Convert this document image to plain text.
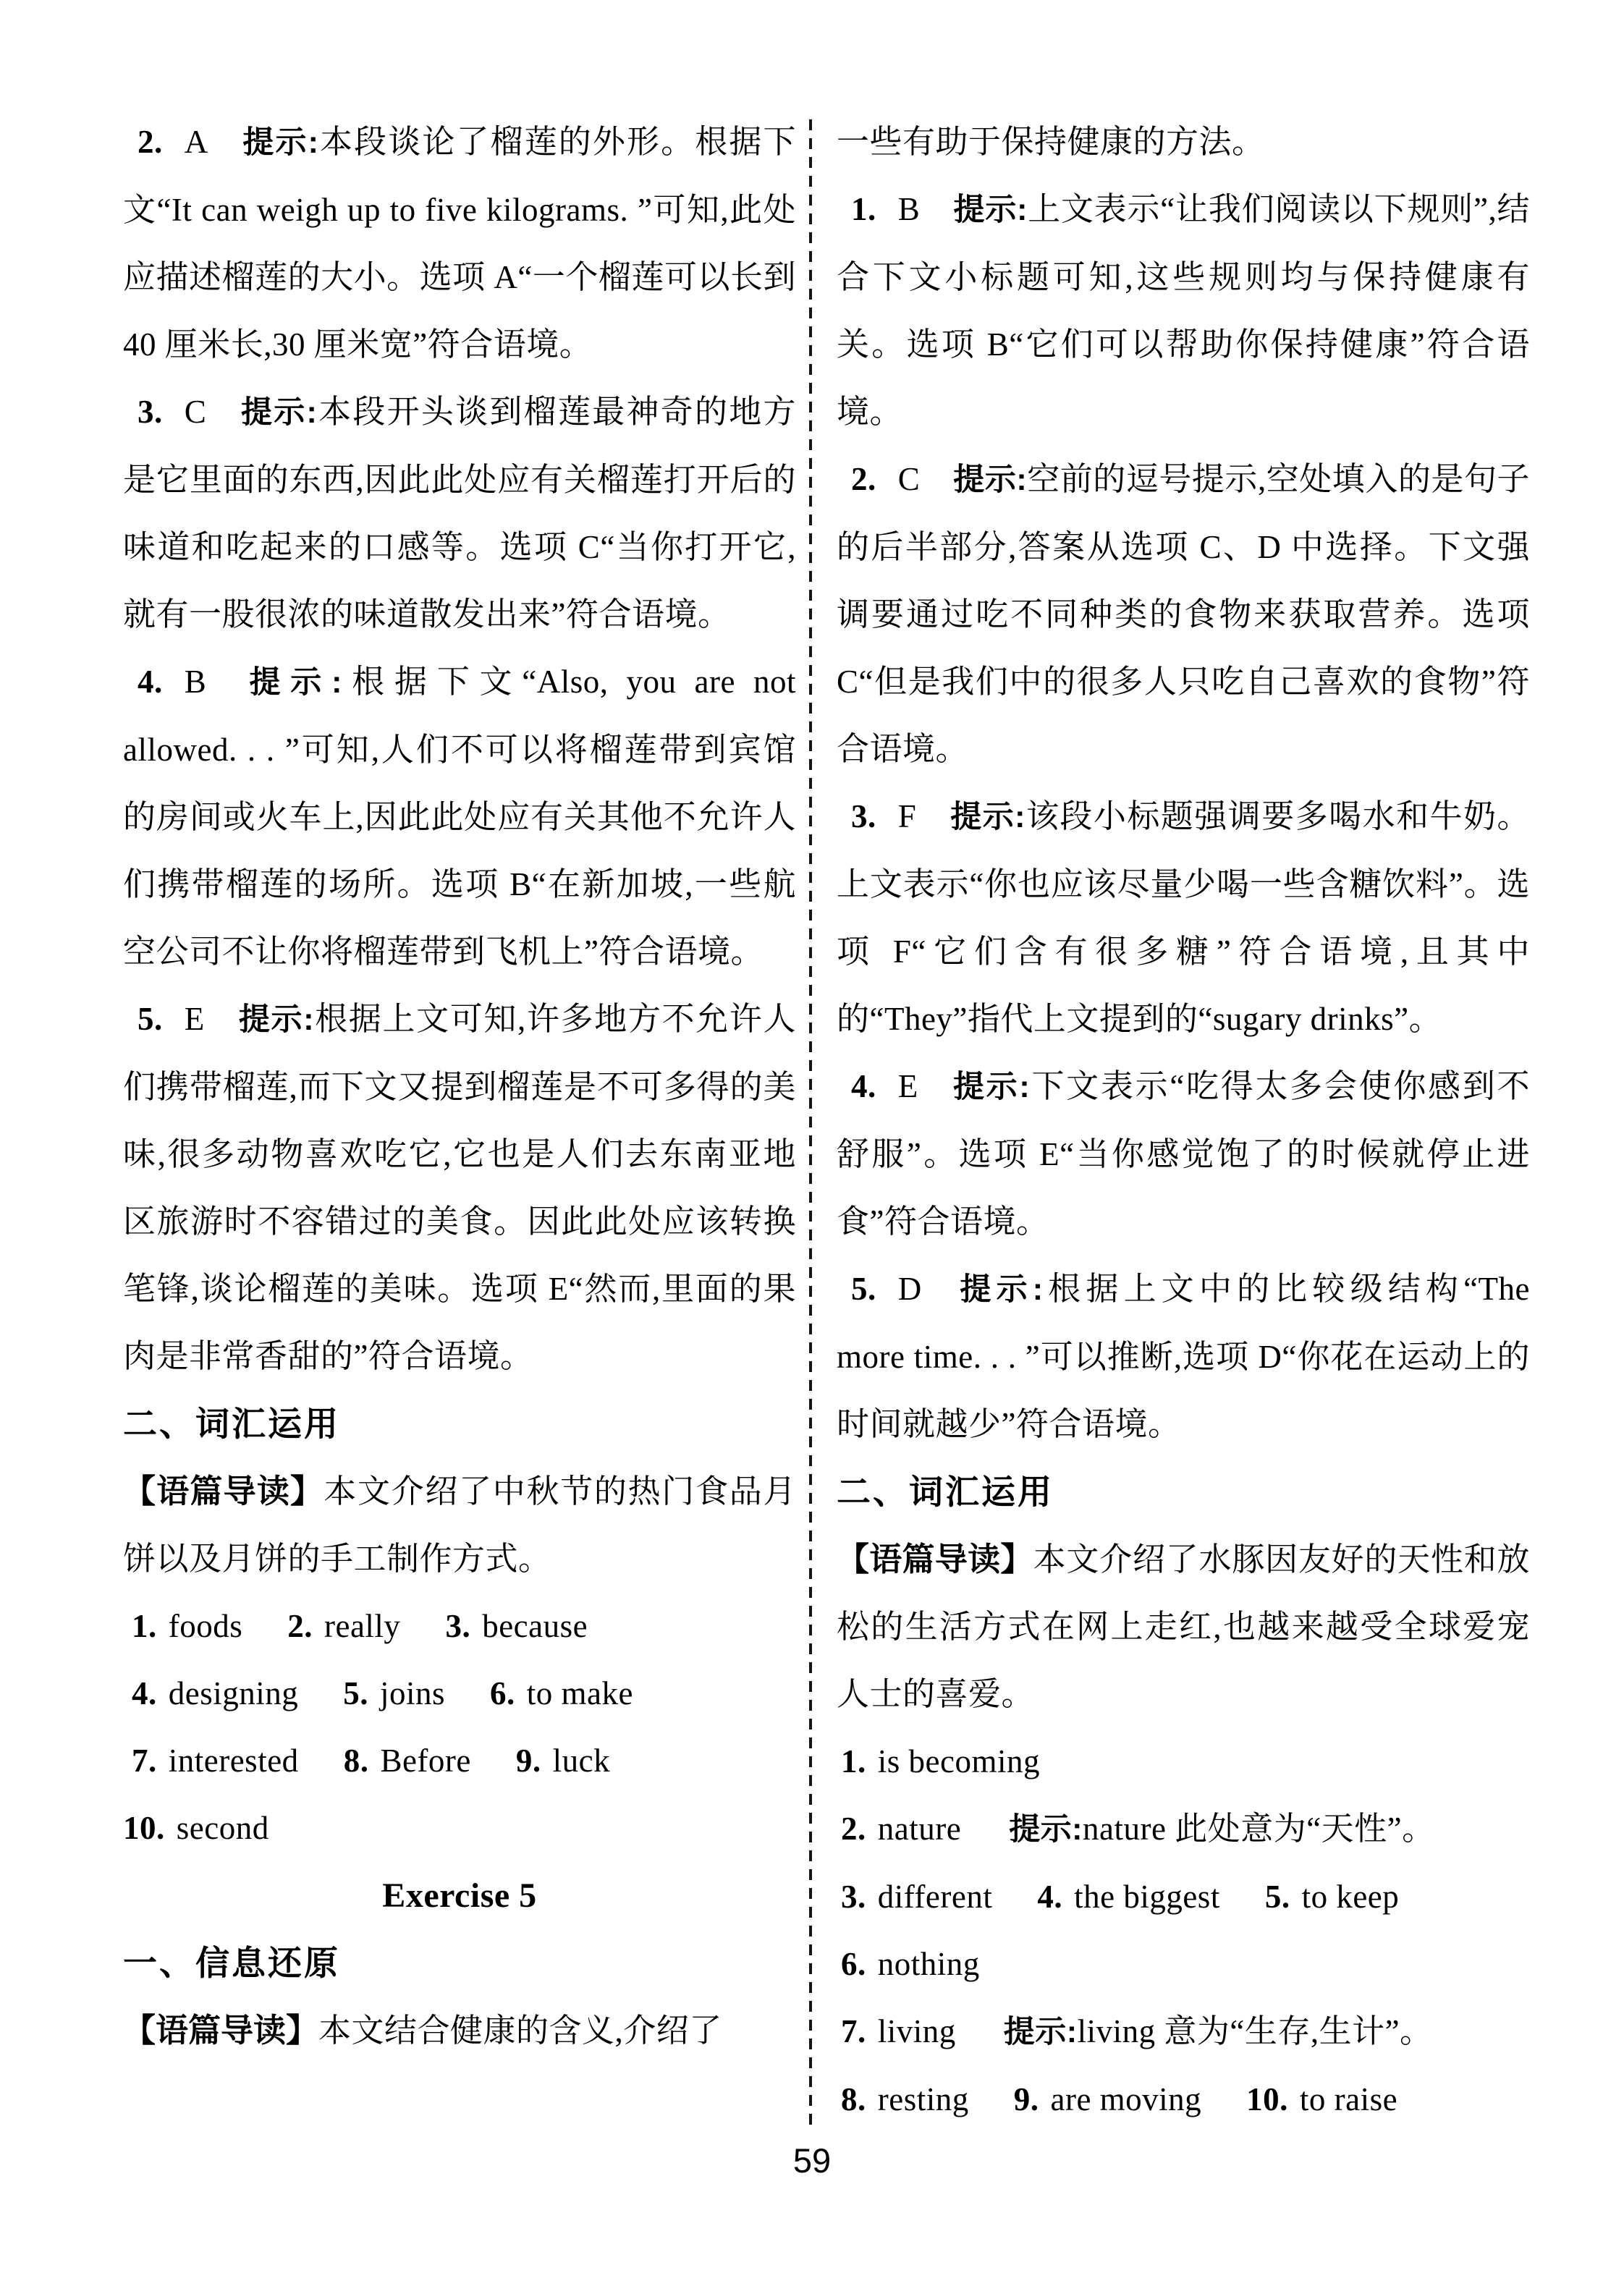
2. A 提示:本段谈论了榴莲的外形。根据下文“It can weigh up to five kilograms. ”可知,此处应描述榴莲的大小。选项 A“一个榴莲可以长到 40 厘米长,30 厘米宽”符合语境。
3. C 提示:本段开头谈到榴莲最神奇的地方是它里面的东西,因此此处应有关榴莲打开后的味道和吃起来的口感等。选项 C“当你打开它,就有一股很浓的味道散发出来”符合语境。
4. B 提示:根据下文“Also, you are not allowed. . . ”可知,人们不可以将榴莲带到宾馆的房间或火车上,因此此处应有关其他不允许人们携带榴莲的场所。选项 B“在新加坡,一些航空公司不让你将榴莲带到飞机上”符合语境。
5. E 提示:根据上文可知,许多地方不允许人们携带榴莲,而下文又提到榴莲是不可多得的美味,很多动物喜欢吃它,它也是人们去东南亚地区旅游时不容错过的美食。因此此处应该转换笔锋,谈论榴莲的美味。选项 E“然而,里面的果肉是非常香甜的”符合语境。
二、词汇运用
【语篇导读】本文介绍了中秋节的热门食品月饼以及月饼的手工制作方式。
1. foods 2. really 3. because
4. designing 5. joins 6. to make
7. interested 8. Before 9. luck
10. second
Exercise 5
一、信息还原
【语篇导读】本文结合健康的含义,介绍了
一些有助于保持健康的方法。
1. B 提示:上文表示“让我们阅读以下规则”,结合下文小标题可知,这些规则均与保持健康有关。选项 B“它们可以帮助你保持健康”符合语境。
2. C 提示:空前的逗号提示,空处填入的是句子的后半部分,答案从选项 C、D 中选择。下文强调要通过吃不同种类的食物来获取营养。选项 C“但是我们中的很多人只吃自己喜欢的食物”符合语境。
3. F 提示:该段小标题强调要多喝水和牛奶。上文表示“你也应该尽量少喝一些含糖饮料”。选项 F“它们含有很多糖”符合语境,且其中的“They”指代上文提到的“sugary drinks”。
4. E 提示:下文表示“吃得太多会使你感到不舒服”。选项 E“当你感觉饱了的时候就停止进食”符合语境。
5. D 提示:根据上文中的比较级结构“The more time. . . ”可以推断,选项 D“你花在运动上的时间就越少”符合语境。
二、词汇运用
【语篇导读】本文介绍了水豚因友好的天性和放松的生活方式在网上走红,也越来越受全球爱宠人士的喜爱。
1. is becoming
2. nature 提示:nature 此处意为“天性”。
3. different 4. the biggest 5. to keep
6. nothing
7. living 提示:living 意为“生存,生计”。
8. resting 9. are moving 10. to raise
59
